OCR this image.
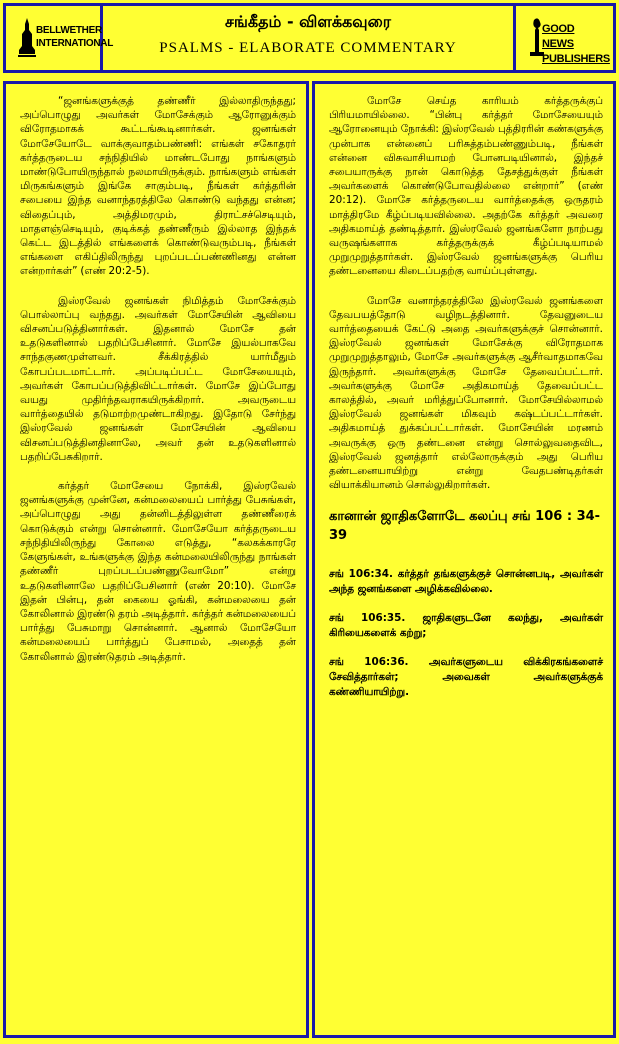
BELLWETHER INTERNATIONAL
சங்கீதம் - விளக்கவுரை
PSALMS - ELABORATE COMMENTARY
GOOD NEWS PUBLISHERS

“ஜனங்களுக்குத் தண்ணீர் இல்லாதிருந்தது; அப்பொழுது அவர்கள் மோசேக்கும் ஆரோனுக்கும் விரோதமாகக் கூட்டங்கூடினார்கள். ஜனங்கள் மோசேயோடே வாக்குவாதம்பண்ணி: எங்கள் சகோதரர் கர்த்தருடைய சந்நிதியில் மாண்டபோது நாங்களும் மாண்டுபோயிருந்தால் நலமாயிருக்கும். நாங்களும் எங்கள் மிருகங்களும் இங்கே சாகும்படி, நீங்கள் கர்த்தரின் சபையை இந்த வனாந்தரத்திலே கொண்டு வந்தது என்ன; விதைப்பும், அத்திமரமும், திராட்சச்செடியும், மாதளஞ்செடியும், குடிக்கத் தண்ணீரும் இல்லாத இந்தக் கெட்ட இடத்தில் எங்களைக் கொண்டுவரும்படி, நீங்கள் எங்களை எகிப்திலிருந்து புறப்படப்பண்ணினது என்ன என்றார்கள்” (எண் 20:2-5).

இஸ்ரவேல் ஜனங்கள் நிமித்தம் மோசேக்கும் பொல்லாப்பு வந்தது. அவர்கள் மோசேயின் ஆவியை விசனப்படுத்தினார்கள். இதனால் மோசே தன் உதடுகளினால் பதறிப்பேசினார். மோசே இயல்பாகவே சாந்தகுணமுள்ளவர். சீக்கிரத்தில் யார்மீதும் கோபப்படமாட்டார். அப்படிப்பட்ட மோசேயையும், அவர்கள் கோபப்படுத்திவிட்டார்கள். மோசே இப்போது வயது முதிர்ந்தவராகயிருக்கிறார். அவருடைய வார்த்தையில் தடுமாற்றமுண்டாகிறது. இதோடு சேர்ந்து இஸ்ரவேல் ஜனங்கள் மோசேயின் ஆவியை விசனப்படுத்தினதினாலே, அவர் தன் உதடுகளினால் பதறிப்பேசுகிறார்.

கர்த்தர் மோசேயை நோக்கி, இஸ்ரவேல் ஜனங்களுக்கு முன்னே, கன்மலையைப் பார்த்து பேசுங்கள், அப்பொழுது அது தன்னிடத்திலுள்ள தண்ணீரைக் கொடுக்கும் என்று சொன்னார். மோசேயோ கர்த்தருடைய சந்நிதியிலிருந்து கோலை எடுத்து, “கலகக்காரரே கேளுங்கள், உங்களுக்கு இந்த கன்மலையிலிருந்து நாங்கள் தண்ணீர் புறப்படப்பண்ணுவோமோ” என்று உதடுகளினாலே பதறிப்பேசினார் (எண் 20:10). மோசே இதன் பின்பு, தன் கையை ஓங்கி, கன்மலையை தன் கோலினால் இரண்டு தரம் அடித்தார். கர்த்தர் கன்மலையைப் பார்த்து பேசுமாறு சொன்னார். ஆனால் மோசேயோ கன்மலையைப் பார்த்துப் பேசாமல், அதைத் தன் கோலினால் இரண்டுதரம் அடித்தார்.

மோசே செய்த காரியம் கர்த்தருக்குப் பிரியமாயில்லை. “பின்பு கர்த்தர் மோசேயையும் ஆரோனையும் நோக்கி: இஸ்ரவேல் புத்திரரின் கண்களுக்கு முன்பாக என்னைப் பரிசுத்தம்பண்ணும்படி, நீங்கள் என்னை விசுவாசியாமற் போனபடியினால், இந்தச் சபையாருக்கு நான் கொடுத்த தேசத்துக்குள் நீங்கள் அவர்களைக் கொண்டுபோவதில்லை என்றார்” (எண் 20:12). மோசே கர்த்தருடைய வார்த்தைக்கு ஒருதரம் மாத்திரமே கீழ்ப்படியவில்லை. அதற்கே கர்த்தர் அவரை அதிகமாய்த் தண்டித்தார். இஸ்ரவேல் ஜனங்களோ நாற்பது வருஷங்களாக கர்த்தருக்குக் கீழ்ப்படியாமல் முறுமுறுத்தார்கள். இஸ்ரவேல் ஜனங்களுக்கு பெரிய தண்டனையை கிடைப்பதற்கு வாய்ப்புள்ளது.

மோசே வனாந்தரத்திலே இஸ்ரவேல் ஜனங்களை தேவபயத்தோடு வழிநடத்தினார். தேவனுடைய வார்த்தையைக் கேட்டு அதை அவர்களுக்குச் சொன்னார். இஸ்ரவேல் ஜனங்கள் மோசேக்கு விரோதமாக முறுமுறுத்தாலும், மோசே அவர்களுக்கு ஆசீர்வாதமாகவே இருந்தார். அவர்களுக்கு மோசே தேவைப்பட்டார். அவர்களுக்கு மோசே அதிகமாய்த் தேவைப்பட்ட காலத்தில், அவர் மரித்துப்போனார். மோசேயில்லாமல் இஸ்ரவேல் ஜனங்கள் மிகவும் கஷ்டப்பட்டார்கள். அதிகமாய்த் துக்கப்பட்டார்கள். மோசேயின் மரணம் அவருக்கு ஒரு தண்டனை என்று சொல்லுவதைவிட, இஸ்ரவேல் ஜனத்தார் எல்லோருக்கும் அது பெரிய தண்டனையாயிற்று என்று வேதபண்டிதர்கள் வியாக்கியானம் சொல்லுகிறார்கள்.

கானான் ஜாதிகளோடே கலப்பு சங் 106 : 34-39

சங் 106:34. கர்த்தர் தங்களுக்குச் சொன்னபடி, அவர்கள் அந்த ஜனங்களை அழிக்கவில்லை.

சங் 106:35. ஜாதிகளுடனே கலந்து, அவர்கள் கிரியைகளைக் கற்று;

சங் 106:36. அவர்களுடைய விக்கிரகங்களைச் சேவித்தார்கள்; அவைகள் அவர்களுக்குக் கண்ணியாயிற்று.
